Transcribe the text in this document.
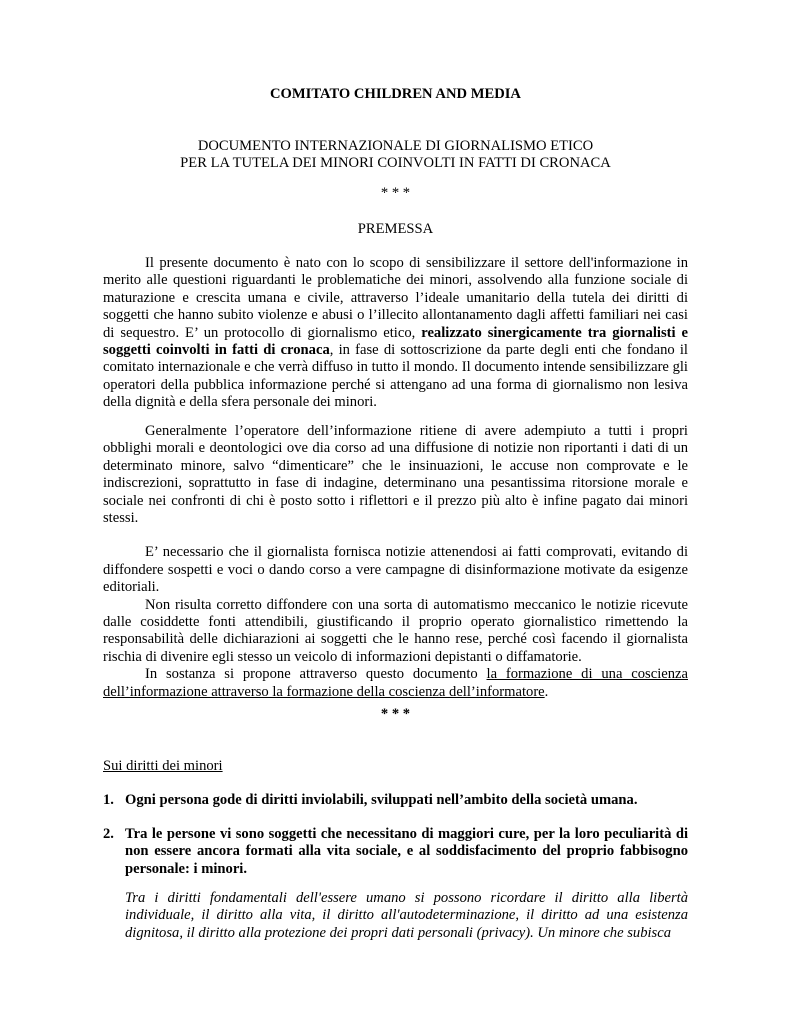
COMITATO CHILDREN AND MEDIA
DOCUMENTO INTERNAZIONALE DI GIORNALISMO ETICO
PER LA TUTELA DEI MINORI COINVOLTI IN FATTI DI CRONACA
* * *
PREMESSA

Il presente documento è nato con lo scopo di sensibilizzare il settore dell'informazione in merito alle questioni riguardanti le problematiche dei minori, assolvendo alla funzione sociale di maturazione e crescita umana e civile, attraverso l’ideale umanitario della tutela dei diritti di soggetti che hanno subito violenze e abusi o l’illecito allontanamento dagli affetti familiari nei casi di sequestro. E’ un protocollo di giornalismo etico, realizzato sinergicamente tra giornalisti e soggetti coinvolti in fatti di cronaca, in fase di sottoscrizione da parte degli enti che fondano il comitato internazionale e che verrà diffuso in tutto il mondo. Il documento intende sensibilizzare gli operatori della pubblica informazione perché si attengano ad una forma di giornalismo non lesiva della dignità e della sfera personale dei minori.

Generalmente l’operatore dell’informazione ritiene di avere adempiuto a tutti i propri obblighi morali e deontologici ove dia corso ad una diffusione di notizie non riportanti i dati di un determinato minore, salvo “dimenticare” che le insinuazioni, le accuse non comprovate e le indiscrezioni, soprattutto in fase di indagine, determinano una pesantissima ritorsione morale e sociale nei confronti di chi è posto sotto i riflettori e il prezzo più alto è infine pagato dai minori stessi.

E’ necessario che il giornalista fornisca notizie attenendosi ai fatti comprovati, evitando di diffondere sospetti e voci o dando corso a vere campagne di disinformazione motivate da esigenze editoriali.

Non risulta corretto diffondere con una sorta di automatismo meccanico le notizie ricevute dalle cosiddette fonti attendibili, giustificando il proprio operato giornalistico rimettendo la responsabilità delle dichiarazioni ai soggetti che le hanno rese, perché così facendo il giornalista rischia di divenire egli stesso un veicolo di informazioni depistanti o diffamatorie.

In sostanza si propone attraverso questo documento la formazione di una coscienza dell’informazione attraverso la formazione della coscienza dell’informatore.

* * *
Sui diritti dei minori
1. Ogni persona gode di diritti inviolabili, sviluppati nell’ambito della società umana.
2. Tra le persone vi sono soggetti che necessitano di maggiori cure, per la loro peculiarità di non essere ancora formati alla vita sociale, e al soddisfacimento del proprio fabbisogno personale: i minori.

Tra i diritti fondamentali dell'essere umano si possono ricordare il diritto alla libertà individuale, il diritto alla vita, il diritto all'autodeterminazione, il diritto ad una esistenza dignitosa, il diritto alla protezione dei propri dati personali (privacy). Un minore che subisca
